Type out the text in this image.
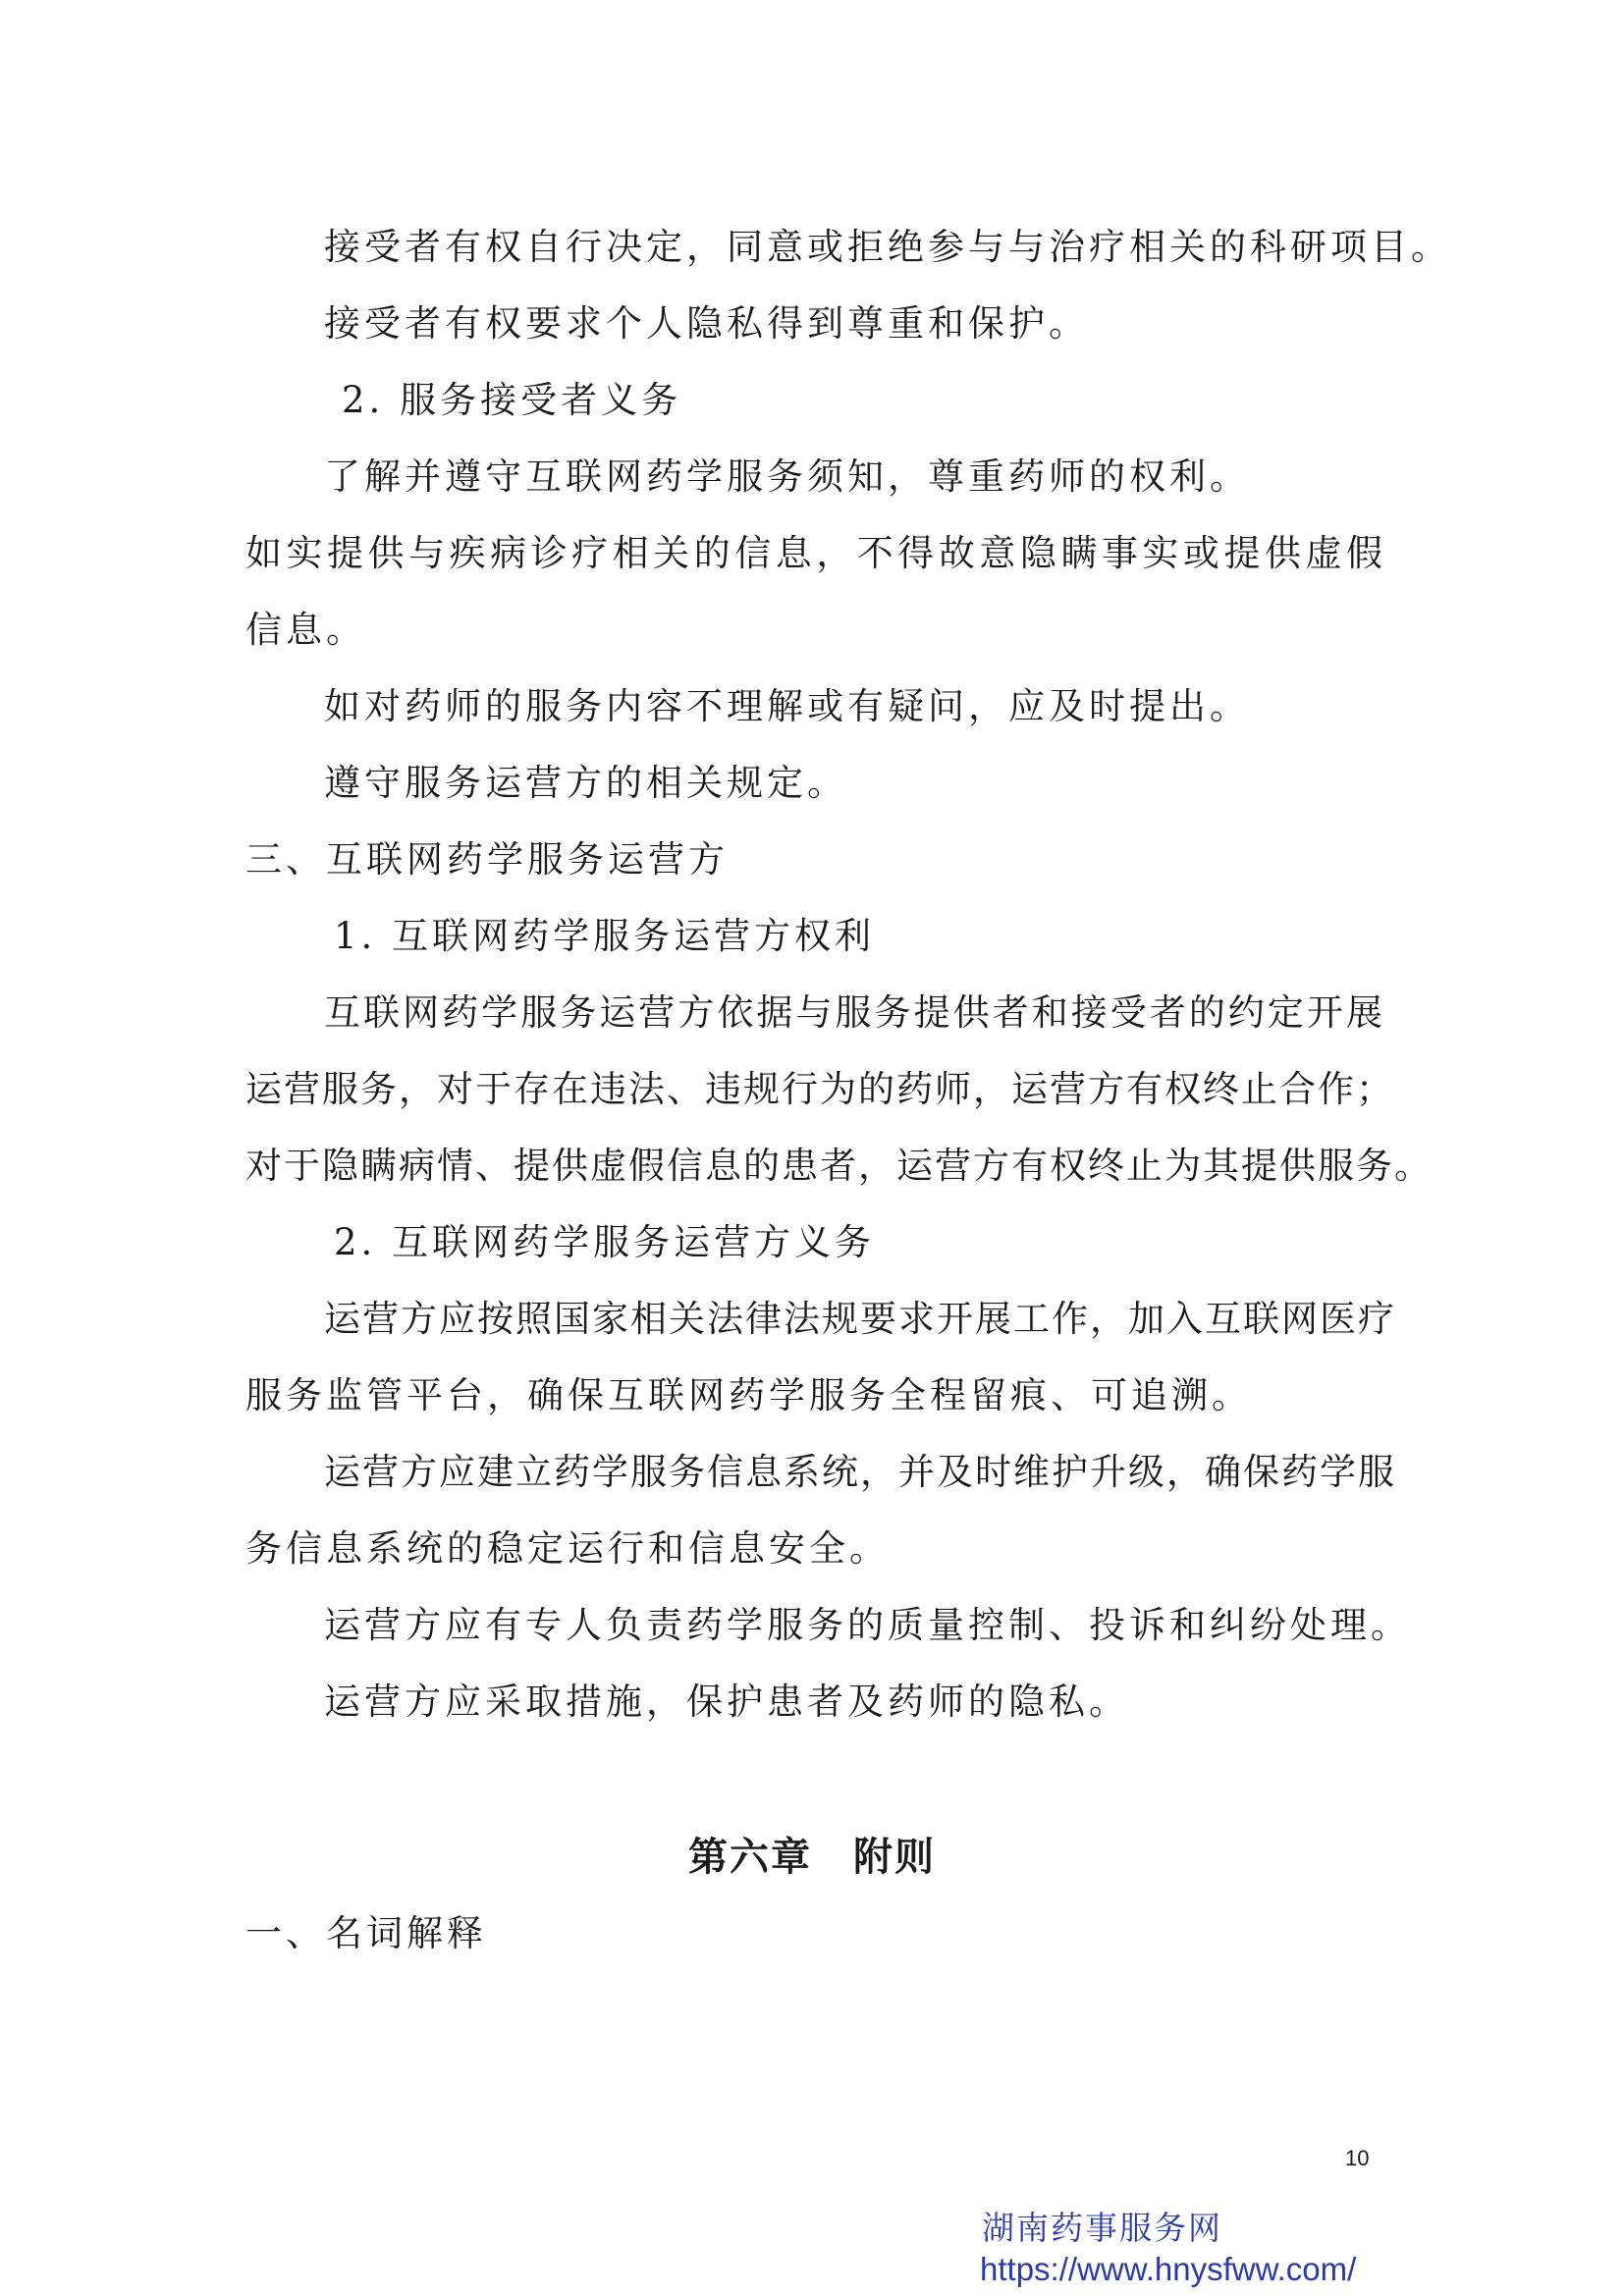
接受者有权自行决定，同意或拒绝参与与治疗相关的科研项目。
接受者有权要求个人隐私得到尊重和保护。
2. 服务接受者义务
了解并遵守互联网药学服务须知，尊重药师的权利。
如实提供与疾病诊疗相关的信息，不得故意隐瞒事实或提供虚假
信息。
如对药师的服务内容不理解或有疑问，应及时提出。
遵守服务运营方的相关规定。
三、互联网药学服务运营方
1. 互联网药学服务运营方权利
互联网药学服务运营方依据与服务提供者和接受者的约定开展
运营服务，对于存在违法、违规行为的药师，运营方有权终止合作；
对于隐瞒病情、提供虚假信息的患者，运营方有权终止为其提供服务。
2. 互联网药学服务运营方义务
运营方应按照国家相关法律法规要求开展工作，加入互联网医疗
服务监管平台，确保互联网药学服务全程留痕、可追溯。
运营方应建立药学服务信息系统，并及时维护升级，确保药学服
务信息系统的稳定运行和信息安全。
运营方应有专人负责药学服务的质量控制、投诉和纠纷处理。
运营方应采取措施，保护患者及药师的隐私。
第六章　附则
一、名词解释
10
湖南药事服务网
https://www.hnysfww.com/
